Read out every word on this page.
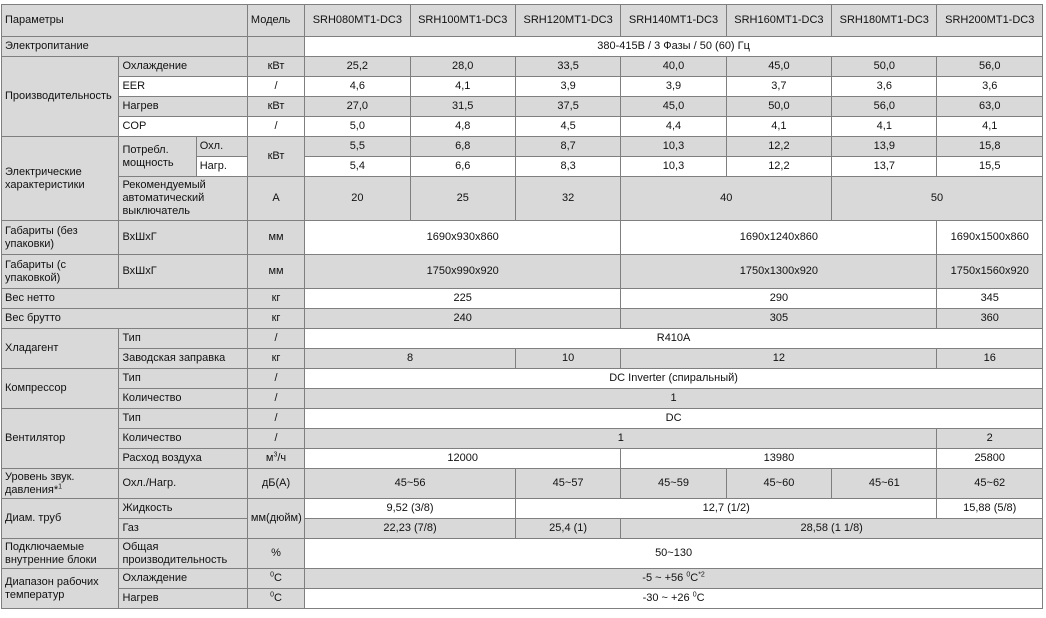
Параметры			Модель	SRH080MT1-DC3	SRH100MT1-DC3	SRH120MT1-DC3	SRH140MT1-DC3	SRH160MT1-DC3	SRH180MT1-DC3	SRH200MT1-DC3
Электропитание				380-415В / 3 Фазы / 50 (60) Гц						
Производительность	Охлаждение		кВт	25,2	28,0	33,5	40,0	45,0	50,0	56,0
	EER		/	4,6	4,1	3,9	3,9	3,7	3,6	3,6
	Нагрев		кВт	27,0	31,5	37,5	45,0	50,0	56,0	63,0
	COP		/	5,0	4,8	4,5	4,4	4,1	4,1	4,1
Электрические характеристики	Потребл. мощность	Охл.	кВт	5,5	6,8	8,7	10,3	12,2	13,9	15,8
		Нагр.		5,4	6,6	8,3	10,3	12,2	13,7	15,5
	Рекомендуемый автоматический выключатель		А	20	25	32	40		50	
Габариты (без упаковки)	ВхШхГ		мм	1690x930x860			1690x1240x860			1690x1500x860
Габариты (с упаковкой)	ВхШхГ		мм	1750x990x920			1750x1300x920			1750x1560x920
Вес нетто			кг	225			290			345
Вес брутто			кг	240			305			360
Хладагент	Тип		/	R410A						
	Заводская заправка		кг	8		10	12			16
Компрессор	Тип		/	DC Inverter (спиральный)						
	Количество		/	1						
Вентилятор	Тип		/	DC						
	Количество		/	1						2
	Расход воздуха		$м^3/ч$	12000			13980			25800
Уровень звук. давления*$^1$	Охл./Нагр.		дБ(А)	45~56		45~57	45~59	45~60	45~61	45~62
Диам. труб	Жидкость		мм(дюйм)	9,52 (3/8)		12,7 (1/2)				15,88 (5/8)
	Газ			22,23 (7/8)		25,4 (1)	28,58 (1 1/8)			
Подключаемые внутренние блоки	Общая производительность		%	50~130						
Диапазон рабочих температур	Охлаждение		$^0$C	-5 ~ +56 $^0C^{*2}$
	Нагрев		$^0$C	-30 ~ +26 $^0$C						
